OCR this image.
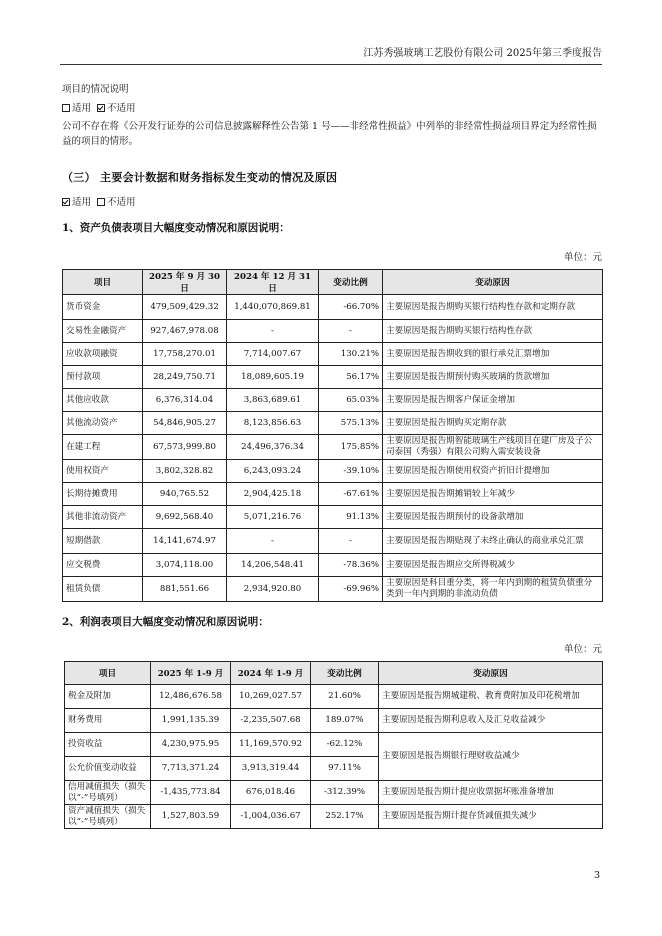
江苏秀强玻璃工艺股份有限公司 2025年第三季度报告

项目的情况说明

适用 不适用

公司不存在将《公开发行证券的公司信息披露解释性公告第 1 号——非经常性损益》中列举的非经常性损益项目界定为经常性损益的项目的情形。

（三） 主要会计数据和财务指标发生变动的情况及原因

适用 不适用

1、资产负债表项目大幅度变动情况和原因说明：

单位：元
项目	2025 年 9 月 30 日	2024 年 12 月 31 日	变动比例	变动原因
货币资金	479,509,429.32	1,440,070,869.81	-66.70%	主要原因是报告期购买银行结构性存款和定期存款
交易性金融资产	927,467,978.08	-	-	主要原因是报告期购买银行结构性存款
应收款项融资	17,758,270.01	7,714,007.67	130.21%	主要原因是报告期收到的银行承兑汇票增加
预付款项	28,249,750.71	18,089,605.19	56.17%	主要原因是报告期预付购买玻璃的货款增加
其他应收款	6,376,314.04	3,863,689.61	65.03%	主要原因是报告期客户保证金增加
其他流动资产	54,846,905.27	8,123,856.63	575.13%	主要原因是报告期购买定期存款
在建工程	67,573,999.80	24,496,376.34	175.85%	主要原因是报告期智能玻璃生产线项目在建厂房及子公司泰国（秀强）有限公司购入需安装设备
使用权资产	3,802,328.82	6,243,093.24	-39.10%	主要原因是报告期使用权资产折旧计提增加
长期待摊费用	940,765.52	2,904,425.18	-67.61%	主要原因是报告期摊销较上年减少
其他非流动资产	9,692,568.40	5,071,216.76	91.13%	主要原因是报告期预付的设备款增加
短期借款	14,141,674.97	-	-	主要原因是报告期贴现了未终止确认的商业承兑汇票
应交税费	3,074,118.00	14,206,548.41	-78.36%	主要原因是报告期应交所得税减少
租赁负债	881,551.66	2,934,920.80	-69.96%	主要原因是科目重分类，将一年内到期的租赁负债重分类到一年内到期的非流动负债

2、利润表项目大幅度变动情况和原因说明：

单位：元
项目	2025 年 1-9 月	2024 年 1-9 月	变动比例	变动原因
税金及附加	12,486,676.58	10,269,027.57	21.60%	主要原因是报告期城建税、教育费附加及印花税增加
财务费用	1,991,135.39	-2,235,507.68	189.07%	主要原因是报告期利息收入及汇兑收益减少
投资收益	4,230,975.95	11,169,570.92	-62.12%	主要原因是报告期银行理财收益减少
公允价值变动收益	7,713,371.24	3,913,319.44	97.11%	
信用减值损失（损失以“-”号填列）	-1,435,773.84	676,018.46	-312.39%	主要原因是报告期计提应收票据坏账准备增加
资产减值损失（损失以“-”号填列）	1,527,803.59	-1,004,036.67	252.17%	主要原因是报告期计提存货减值损失减少
3
